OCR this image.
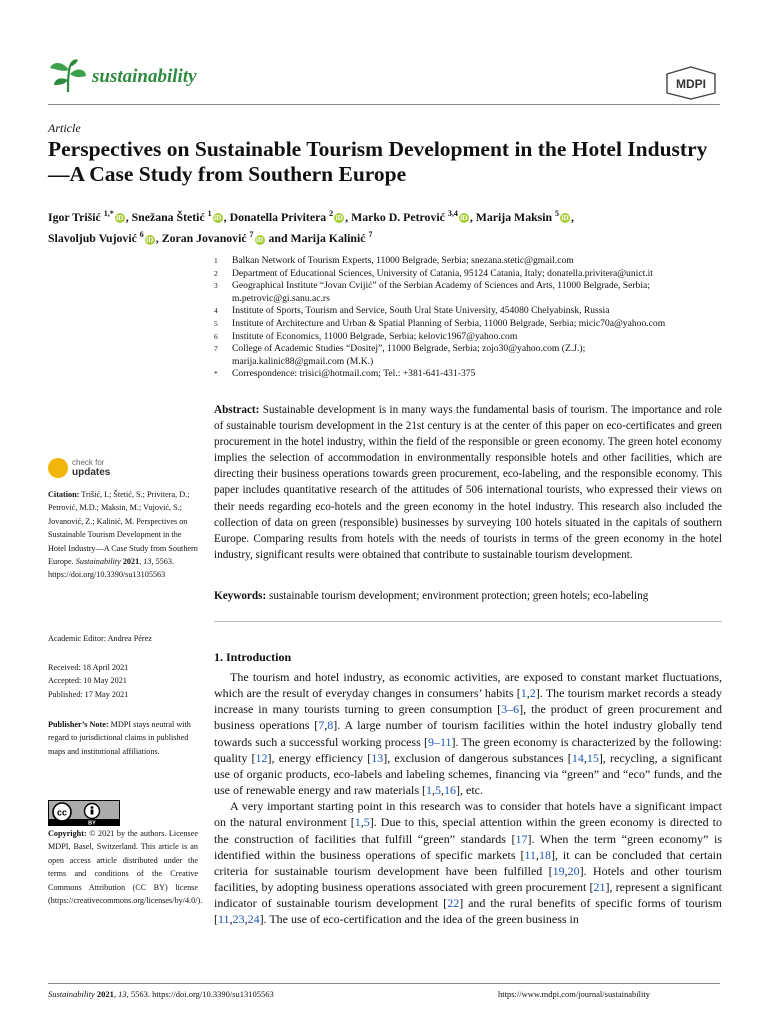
sustainability	MDPI
Article
Perspectives on Sustainable Tourism Development in the Hotel Industry—A Case Study from Southern Europe
Igor Trišić $^{1,*}$iD , Snežana Štetić $^1$iD , Donatella Privitera $^2$iD , Marko D. Petrović $^{3,4}$iD , Marija Maksin $^5$iD ,
Slavoljub Vujović $^6$iD , Zoran Jovanović $^7$iD and Marija Kalinić $^7$
1	Balkan Network of Tourism Experts, 11000 Belgrade, Serbia; snezana.stetic@gmail.com
2	Department of Educational Sciences, University of Catania, 95124 Catania, Italy; donatella.privitera@unict.it
3	Geographical Institute “Jovan Cvijić” of the Serbian Academy of Sciences and Arts, 11000 Belgrade, Serbia;
m.petrovic@gi.sanu.ac.rs
4	Institute of Sports, Tourism and Service, South Ural State University, 454080 Chelyabinsk, Russia
5	Institute of Architecture and Urban & Spatial Planning of Serbia, 11000 Belgrade, Serbia; micic70a@yahoo.com
6	Institute of Economics, 11000 Belgrade, Serbia; kelovic1967@yahoo.com
7	College of Academic Studies “Dositej”, 11000 Belgrade, Serbia; zojo30@yahoo.com (Z.J.);
marija.kalinic88@gmail.com (M.K.)
*	Correspondence: trisici@hotmail.com; Tel.: +381-641-431-375
Abstract: Sustainable development is in many ways the fundamental basis of tourism. The importance and role of sustainable tourism development in the 21st century is at the center of this paper on eco-certificates and green procurement in the hotel industry, within the field of the responsible or green economy. The green hotel economy implies the selection of accommodation in environmentally responsible hotels and other facilities, which are directing their business operations towards green procurement, eco-labeling, and the responsible economy. This paper includes quantitative research of the attitudes of 506 international tourists, who expressed their views on their needs regarding eco-hotels and the green economy in the hotel industry. This research also included the collection of data on green (responsible) businesses by surveying 100 hotels situated in the capitals of southern Europe. Comparing results from hotels with the needs of tourists in terms of the green economy in the hotel industry, significant results were obtained that contribute to sustainable tourism development.
Keywords: sustainable tourism development; environment protection; green hotels; eco-labeling
1. Introduction

The tourism and hotel industry, as economic activities, are exposed to constant market fluctuations, which are the result of everyday changes in consumers’ habits [1,2]. The tourism market records a steady increase in many tourists turning to green consumption [3–6], the product of green procurement and business operations [7,8]. A large number of tourism facilities within the hotel industry globally tend towards such a successful working process [9–11]. The green economy is characterized by the following: quality [12], energy efficiency [13], exclusion of dangerous substances [14,15], recycling, a significant use of organic products, eco-labels and labeling schemes, financing via “green” and “eco” funds, and the use of renewable energy and raw materials [1,5,16], etc.

A very important starting point in this research was to consider that hotels have a significant impact on the natural environment [1,5]. Due to this, special attention within the green economy is directed to the construction of facilities that fulfill “green” standards [17]. When the term “green economy” is identified within the business operations of specific markets [11,18], it can be concluded that certain criteria for sustainable tourism development have been fulfilled [19,20]. Hotels and other tourism facilities, by adopting business operations associated with green procurement [21], represent a significant indicator of sustainable tourism development [22] and the rural benefits of specific forms of tourism [11,23,24]. The use of eco-certification and the idea of the green business in

check for
updates
Citation: Trišić, I.; Štetić, S.; Privitera, D.; Petrović, M.D.; Maksin, M.; Vujović, S.; Jovanović, Z.; Kalinić, M. Perspectives on Sustainable Tourism Development in the Hotel Industry—A Case Study from Southern Europe. Sustainability 2021, 13, 5563. https://doi.org/10.3390/su13105563
Academic Editor: Andrea Pérez
Received: 18 April 2021
Accepted: 10 May 2021
Published: 17 May 2021
Publisher’s Note: MDPI stays neutral with regard to jurisdictional claims in published maps and institutional affiliations.
cc
BY
Copyright: © 2021 by the authors. Licensee MDPI, Basel, Switzerland. This article is an open access article distributed under the terms and conditions of the Creative Commons Attribution (CC BY) license (https://creativecommons.org/licenses/by/4.0/).
Sustainability 2021, 13, 5563. https://doi.org/10.3390/su13105563	https://www.mdpi.com/journal/sustainability
